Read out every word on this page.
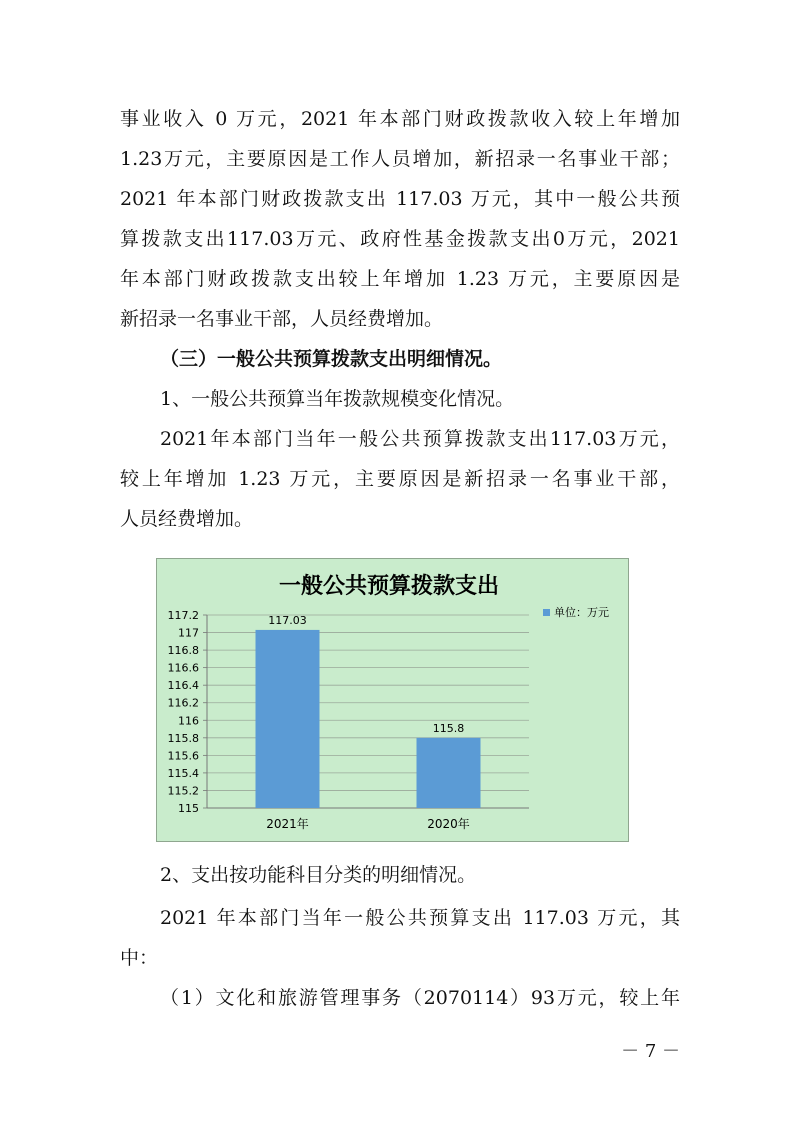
事业收入 0 万元，2021 年本部门财政拨款收入较上年增加
1.23万元，主要原因是工作人员增加，新招录一名事业干部；
2021 年本部门财政拨款支出 117.03 万元，其中一般公共预
算拨款支出117.03万元、政府性基金拨款支出0万元，2021
年本部门财政拨款支出较上年增加 1.23 万元，主要原因是
新招录一名事业干部，人员经费增加。
（三）一般公共预算拨款支出明细情况。
1、一般公共预算当年拨款规模变化情况。
2021年本部门当年一般公共预算拨款支出117.03万元，
较上年增加 1.23 万元，主要原因是新招录一名事业干部，
人员经费增加。
一般公共预算拨款支出
115
115.2
115.4
115.6
115.8
116
116.2
116.4
116.6
116.8
117
117.2	117.03
2021年
115.8
2020年
单位：万元
2、支出按功能科目分类的明细情况。
2021 年本部门当年一般公共预算支出 117.03 万元，其
中：
（1）文化和旅游管理事务（2070114）93万元，较上年
－ 7 －
